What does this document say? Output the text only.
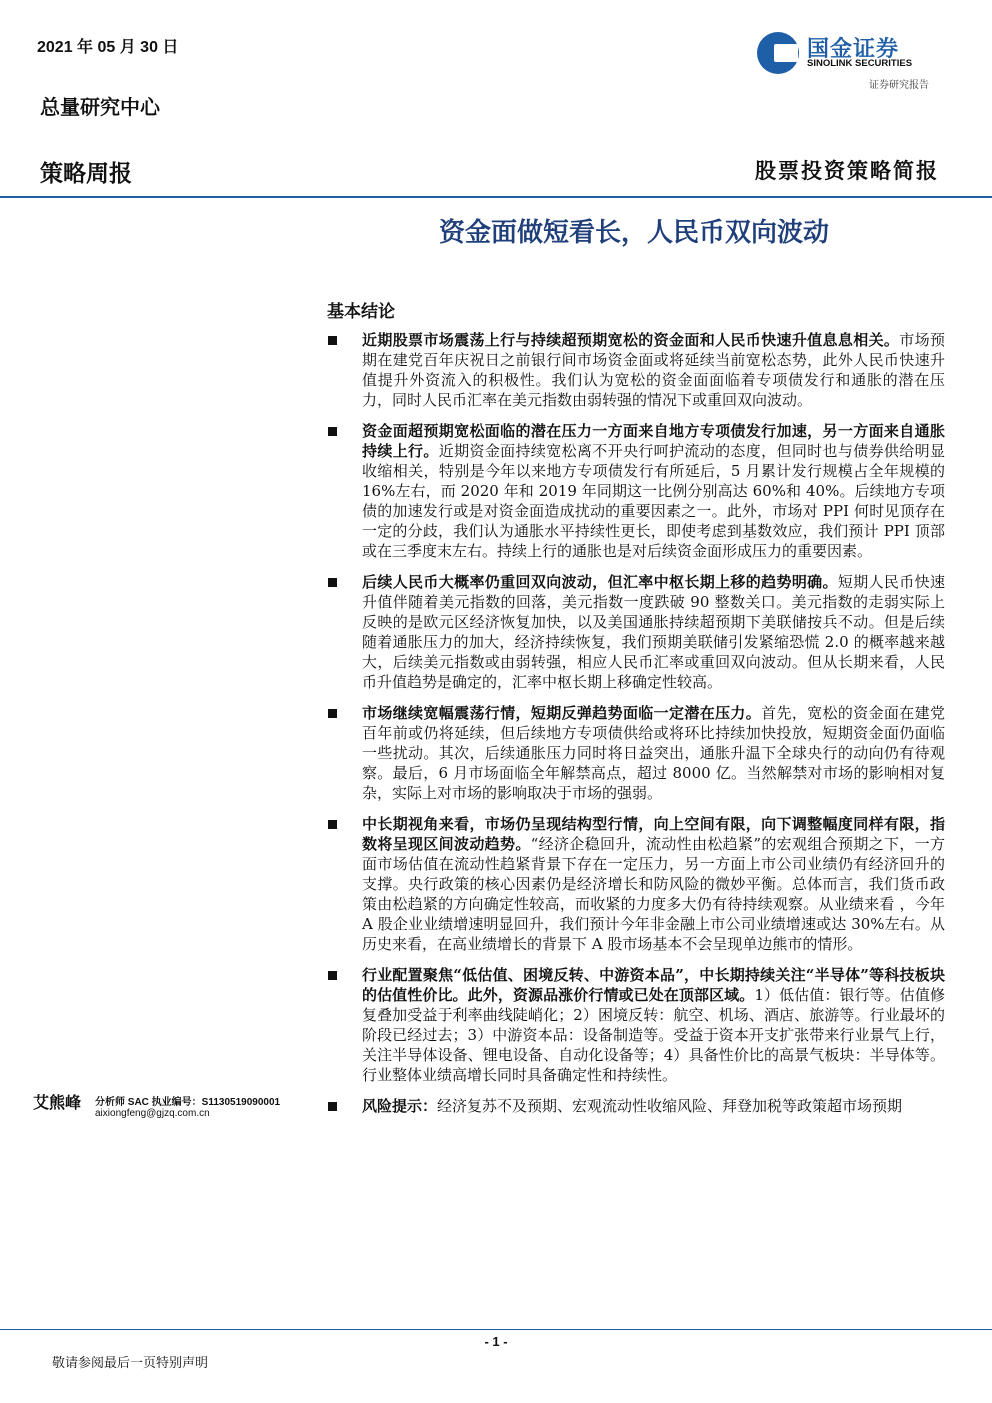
2021 年 05 月 30 日
总量研究中心
国金证券
SINOLINK SECURITIES
证券研究报告
策略周报	股票投资策略简报
资金面做短看长，人民币双向波动
基本结论
近期股票市场震荡上行与持续超预期宽松的资金面和人民币快速升值息息相关。市场预期在建党百年庆祝日之前银行间市场资金面或将延续当前宽松态势，此外人民币快速升值提升外资流入的积极性。我们认为宽松的资金面面临着专项债发行和通胀的潜在压力，同时人民币汇率在美元指数由弱转强的情况下或重回双向波动。
资金面超预期宽松面临的潜在压力一方面来自地方专项债发行加速，另一方面来自通胀持续上行。近期资金面持续宽松离不开央行呵护流动的态度，但同时也与债券供给明显收缩相关，特别是今年以来地方专项债发行有所延后，5 月累计发行规模占全年规模的 16%左右，而 2020 年和 2019 年同期这一比例分别高达 60%和 40%。后续地方专项债的加速发行或是对资金面造成扰动的重要因素之一。此外，市场对 PPI 何时见顶存在一定的分歧，我们认为通胀水平持续性更长，即使考虑到基数效应，我们预计 PPI 顶部或在三季度末左右。持续上行的通胀也是对后续资金面形成压力的重要因素。
后续人民币大概率仍重回双向波动，但汇率中枢长期上移的趋势明确。短期人民币快速升值伴随着美元指数的回落，美元指数一度跌破 90 整数关口。美元指数的走弱实际上反映的是欧元区经济恢复加快，以及美国通胀持续超预期下美联储按兵不动。但是后续随着通胀压力的加大，经济持续恢复，我们预期美联储引发紧缩恐慌 2.0 的概率越来越大，后续美元指数或由弱转强，相应人民币汇率或重回双向波动。但从长期来看，人民币升值趋势是确定的，汇率中枢长期上移确定性较高。
市场继续宽幅震荡行情，短期反弹趋势面临一定潜在压力。首先，宽松的资金面在建党百年前或仍将延续，但后续地方专项债供给或将环比持续加快投放，短期资金面仍面临一些扰动。其次，后续通胀压力同时将日益突出，通胀升温下全球央行的动向仍有待观察。最后，6 月市场面临全年解禁高点，超过 8000 亿。当然解禁对市场的影响相对复杂，实际上对市场的影响取决于市场的强弱。
中长期视角来看，市场仍呈现结构型行情，向上空间有限，向下调整幅度同样有限，指数将呈现区间波动趋势。“经济企稳回升，流动性由松趋紧”的宏观组合预期之下，一方面市场估值在流动性趋紧背景下存在一定压力，另一方面上市公司业绩仍有经济回升的支撑。央行政策的核心因素仍是经济增长和防风险的微妙平衡。总体而言，我们货币政策由松趋紧的方向确定性较高，而收紧的力度多大仍有待持续观察。从业绩来看 ，今年 A 股企业业绩增速明显回升，我们预计今年非金融上市公司业绩增速或达 30%左右。从历史来看，在高业绩增长的背景下 A 股市场基本不会呈现单边熊市的情形。
行业配置聚焦“低估值、困境反转、中游资本品”，中长期持续关注“半导体”等科技板块的估值性价比。此外，资源品涨价行情或已处在顶部区域。1）低估值：银行等。估值修复叠加受益于利率曲线陡峭化；2）困境反转：航空、机场、酒店、旅游等。行业最坏的阶段已经过去；3）中游资本品：设备制造等。受益于资本开支扩张带来行业景气上行，关注半导体设备、锂电设备、自动化设备等；4）具备性价比的高景气板块：半导体等。行业整体业绩高增长同时具备确定性和持续性。
风险提示：经济复苏不及预期、宏观流动性收缩风险、拜登加税等政策超市场预期
艾熊峰 分析师 SAC 执业编号：S1130519090001
aixiongfeng@gjzq.com.cn
- 1 -
敬请参阅最后一页特别声明
